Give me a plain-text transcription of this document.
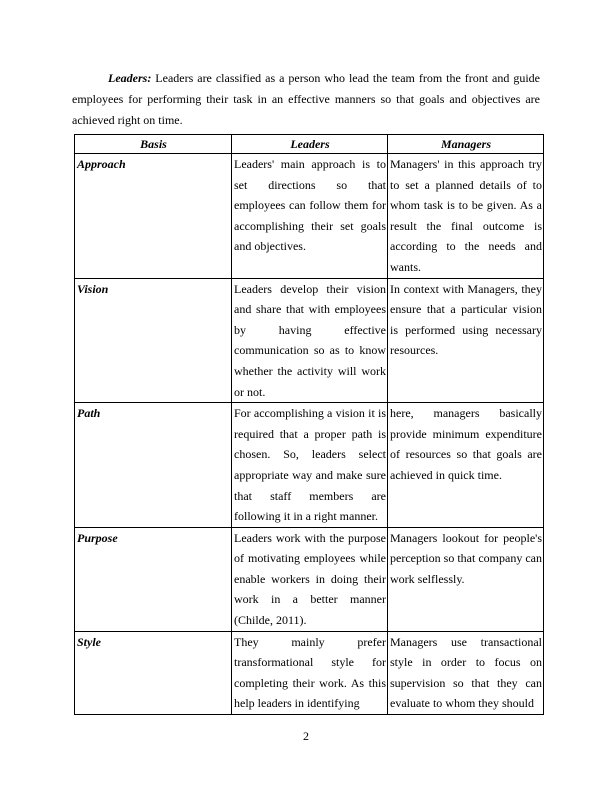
Leaders: Leaders are classified as a person who lead the team from the front and guide employees for performing their task in an effective manners so that goals and objectives are achieved right on time.

Basis	Leaders	Managers
Approach	Leaders' main approach is to set directions so that employees can follow them for accomplishing their set goals and objectives.	Managers' in this approach try to set a planned details of to whom task is to be given. As a result the final outcome is according to the needs and wants.
Vision	Leaders develop their vision and share that with employees by having effective communication so as to know whether the activity will work or not.	In context with Managers, they ensure that a particular vision is performed using necessary resources.
Path	For accomplishing a vision it is required that a proper path is chosen. So, leaders select appropriate way and make sure that staff members are following it in a right manner.	here, managers basically provide minimum expenditure of resources so that goals are achieved in quick time.
Purpose	Leaders work with the purpose of motivating employees while enable workers in doing their work in a better manner (Childe, 2011).	Managers lookout for people's perception so that company can work selflessly.
Style	They mainly prefer transformational style for completing their work. As this help leaders in identifying	Managers use transactional style in order to focus on supervision so that they can evaluate to whom they should
2
